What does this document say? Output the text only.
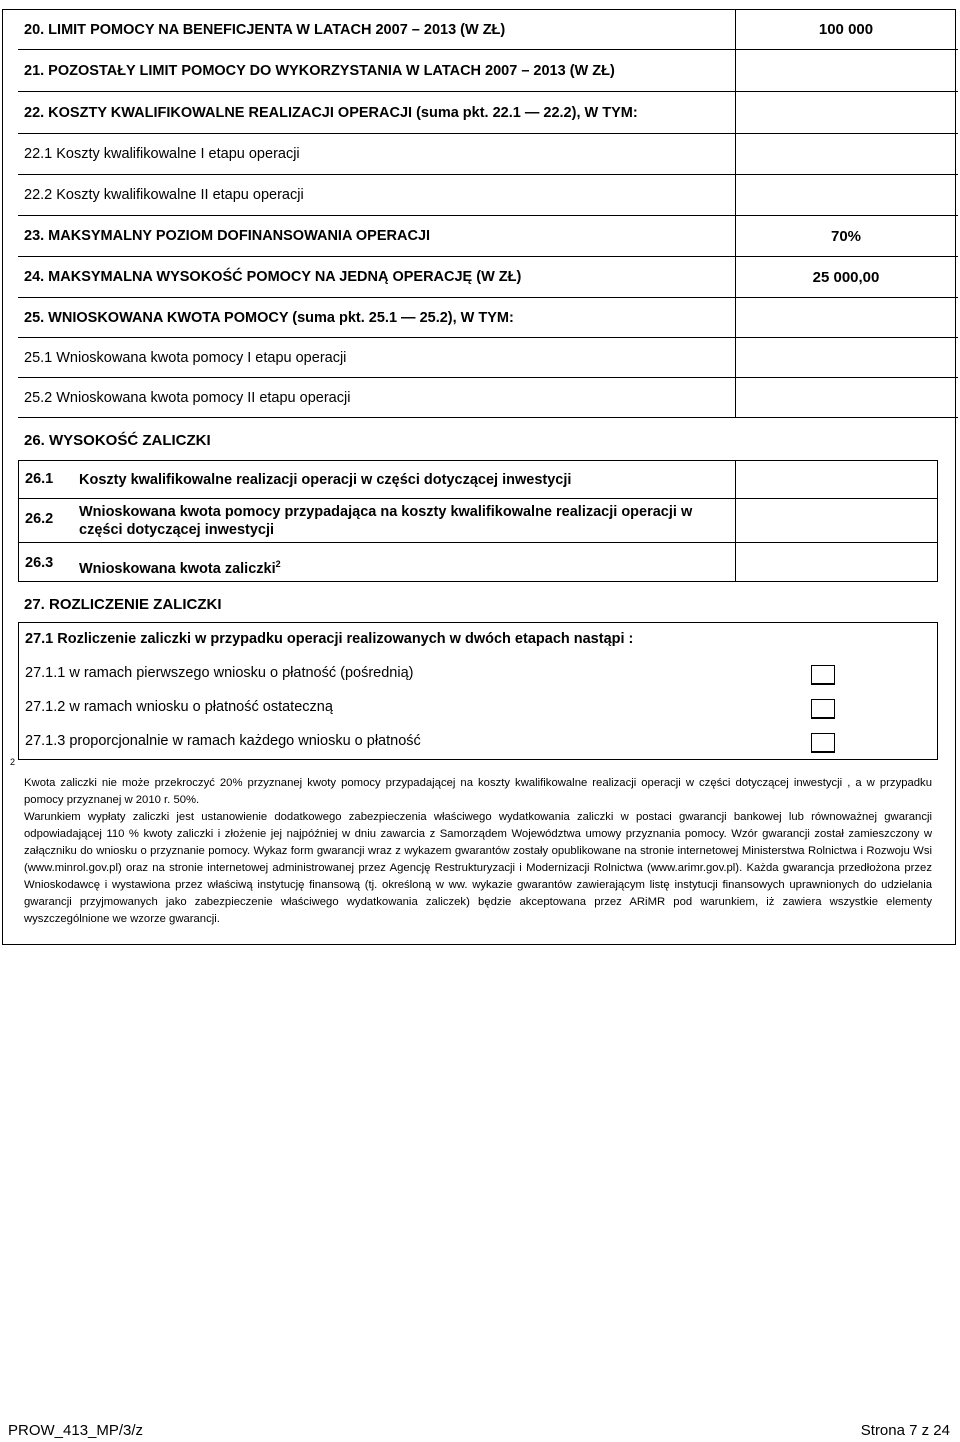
20. LIMIT POMOCY NA BENEFICJENTA W LATACH 2007 – 2013 (W ZŁ)	100 000
21. POZOSTAŁY LIMIT POMOCY DO WYKORZYSTANIA W LATACH 2007 – 2013 (W ZŁ)
22. KOSZTY KWALIFIKOWALNE REALIZACJI OPERACJI (suma pkt. 22.1 — 22.2), W TYM:
22.1 Koszty kwalifikowalne I etapu operacji
22.2 Koszty kwalifikowalne II etapu operacji
23. MAKSYMALNY POZIOM DOFINANSOWANIA OPERACJI	70%
24. MAKSYMALNA WYSOKOŚĆ POMOCY NA JEDNĄ OPERACJĘ (W ZŁ)	25 000,00
25. WNIOSKOWANA KWOTA POMOCY (suma pkt. 25.1 — 25.2), W TYM:
25.1 Wnioskowana kwota pomocy I etapu operacji
25.2 Wnioskowana kwota pomocy II etapu operacji
26. WYSOKOŚĆ ZALICZKI
26.1 Koszty kwalifikowalne realizacji operacji w części dotyczącej inwestycji
26.2 Wnioskowana kwota pomocy przypadająca na koszty kwalifikowalne realizacji operacji w części dotyczącej inwestycji
26.3 Wnioskowana kwota zaliczki$^2$
27. ROZLICZENIE ZALICZKI
27.1 Rozliczenie zaliczki w przypadku operacji realizowanych w dwóch etapach nastąpi :
27.1.1 w ramach pierwszego wniosku o płatność (pośrednią)
27.1.2 w ramach wniosku o płatność ostateczną
27.1.3 proporcjonalnie w ramach każdego wniosku o płatność
2
Kwota zaliczki nie może przekroczyć 20% przyznanej kwoty pomocy przypadającej na koszty kwalifikowalne realizacji operacji w części dotyczącej inwestycji , a w przypadku pomocy przyznanej w 2010 r. 50%.
Warunkiem wypłaty zaliczki jest ustanowienie dodatkowego zabezpieczenia właściwego wydatkowania zaliczki w postaci gwarancji bankowej lub równoważnej gwarancji odpowiadającej 110 % kwoty zaliczki i złożenie jej najpóźniej w dniu zawarcia z Samorządem Województwa umowy przyznania pomocy. Wzór gwarancji został zamieszczony w załączniku do wniosku o przyznanie pomocy. Wykaz form gwarancji wraz z wykazem gwarantów zostały opublikowane na stronie internetowej Ministerstwa Rolnictwa i Rozwoju Wsi (www.minrol.gov.pl) oraz na stronie internetowej administrowanej przez Agencję Restrukturyzacji i Modernizacji Rolnictwa (www.arimr.gov.pl). Każda gwarancja przedłożona przez Wnioskodawcę i wystawiona przez właściwą instytucję finansową (tj. określoną w ww. wykazie gwarantów zawierającym listę instytucji finansowych uprawnionych do udzielania gwarancji przyjmowanych jako zabezpieczenie właściwego wydatkowania zaliczek) będzie akceptowana przez ARiMR pod warunkiem, iż zawiera wszystkie elementy wyszczególnione we wzorze gwarancji.
PROW_413_MP/3/z	Strona 7 z 24
